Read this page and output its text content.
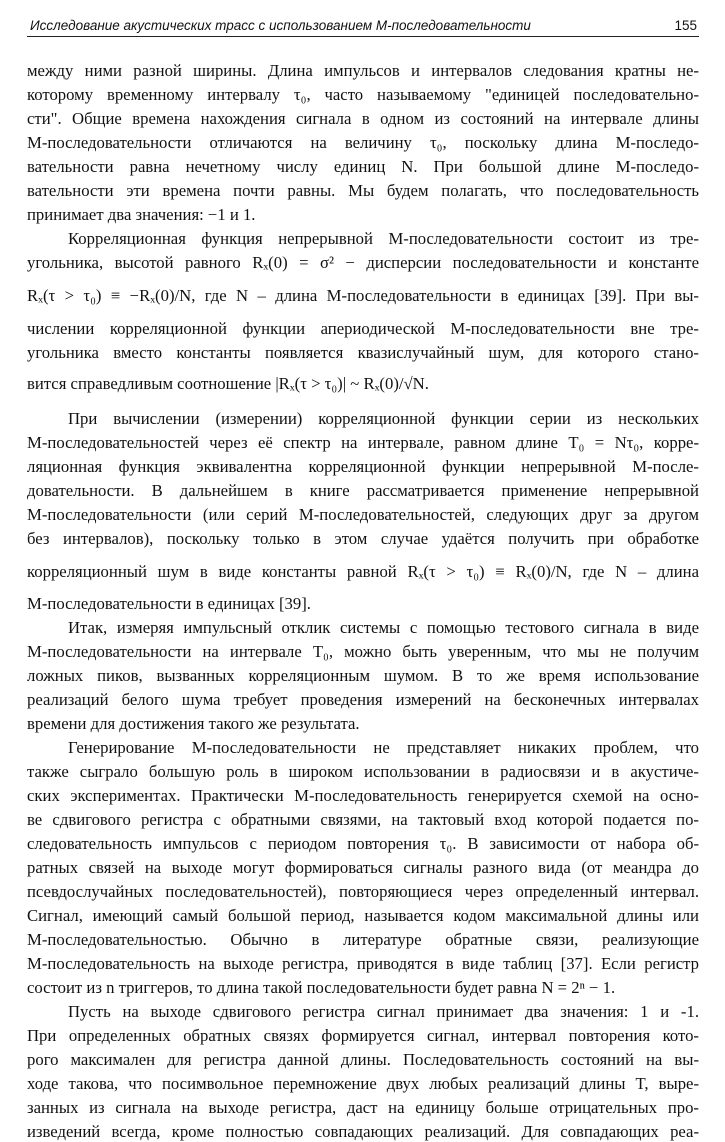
Исследование акустических трасс с использованием М-последовательности	155
между ними разной ширины. Длина импульсов и интервалов следования кратны не-
которому временному интервалу τ₀, часто называемому "единицей последовательно-
сти". Общие времена нахождения сигнала в одном из состояний на интервале длины
М-последовательности отличаются на величину τ₀, поскольку длина М-последо-
вательности равна нечетному числу единиц N. При большой длине М-последо-
вательности эти времена почти равны. Мы будем полагать, что последовательность
принимает два значения: −1 и 1.
Корреляционная функция непрерывной М-последовательности состоит из тре-
угольника, высотой равного Rₓ(0) = σ² − дисперсии последовательности и константе
Rₓ(τ > τ₀) ≡ −Rₓ(0)/N, где N – длина М-последовательности в единицах [39]. При вы-
числении корреляционной функции апериодической М-последовательности вне тре-
угольника вместо константы появляется квазислучайный шум, для которого стано-
вится справедливым соотношение |Rₓ(τ > τ₀)| ~ Rₓ(0)/√N.
При вычислении (измерении) корреляционной функции серии из нескольких
М-последовательностей через её спектр на интервале, равном длине T₀ = Nτ₀, корре-
ляционная функция эквивалентна корреляционной функции непрерывной М-после-
довательности. В дальнейшем в книге рассматривается применение непрерывной
М-последовательности (или серий М-последовательностей, следующих друг за другом
без интервалов), поскольку только в этом случае удаётся получить при обработке
корреляционный шум в виде константы равной Rₓ(τ > τ₀) ≡ Rₓ(0)/N, где N – длина
М-последовательности в единицах [39].
Итак, измеряя импульсный отклик системы с помощью тестового сигнала в виде
М-последовательности на интервале T₀, можно быть уверенным, что мы не получим
ложных пиков, вызванных корреляционным шумом. В то же время использование
реализаций белого шума требует проведения измерений на бесконечных интервалах
времени для достижения такого же результата.
Генерирование М-последовательности не представляет никаких проблем, что
также сыграло большую роль в широком использовании в радиосвязи и в акустиче-
ских экспериментах. Практически М-последовательность генерируется схемой на осно-
ве сдвигового регистра с обратными связями, на тактовый вход которой подается по-
следовательность импульсов с периодом повторения τ₀. В зависимости от набора об-
ратных связей на выходе могут формироваться сигналы разного вида (от меандра до
псевдослучайных последовательностей), повторяющиеся через определенный интервал.
Сигнал, имеющий самый большой период, называется кодом максимальной длины или
М-последовательностью. Обычно в литературе обратные связи, реализующие
М-последовательность на выходе регистра, приводятся в виде таблиц [37]. Если регистр
состоит из n триггеров, то длина такой последовательности будет равна N = 2ⁿ − 1.
Пусть на выходе сдвигового регистра сигнал принимает два значения: 1 и -1.
При определенных обратных связях формируется сигнал, интервал повторения кото-
рого максимален для регистра данной длины. Последовательность состояний на вы-
ходе такова, что посимвольное перемножение двух любых реализаций длины T, выре-
занных из сигнала на выходе регистра, даст на единицу больше отрицательных про-
изведений всегда, кроме полностью совпадающих реализаций. Для совпадающих реа-
